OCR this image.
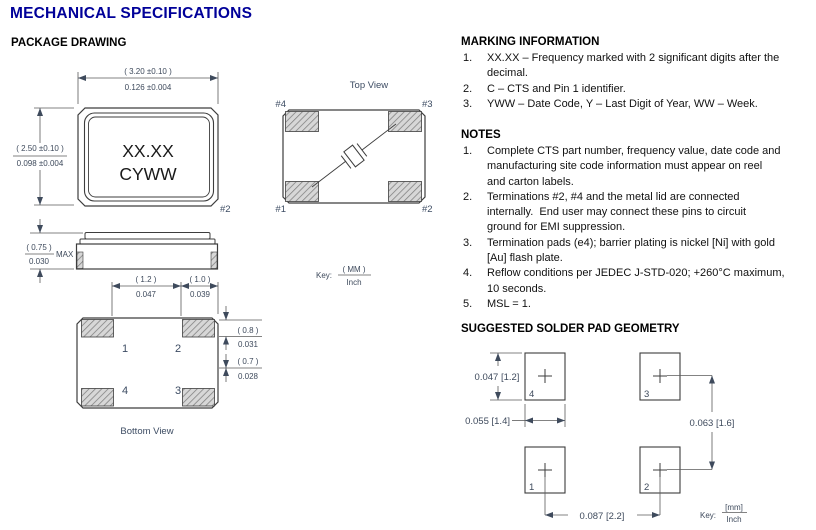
MECHANICAL SPECIFICATIONS
PACKAGE DRAWING
XX.XX
CYWW
#2
( 3.20 ±0.10 )
0.126 ±0.004
( 2.50 ±0.10 )
0.098 ±0.004
( 0.75 )
0.030
MAX
Top View
#4	#3
#1	#2
Key:
( MM )
Inch
1	2
4	3
Bottom View
( 1.2 )
0.047
( 1.0 )
0.039
( 0.8 )
0.031
( 0.7 )
0.028
MARKING INFORMATION
1. XX.XX – Frequency marked with 2 significant digits after the
decimal.
2. C – CTS and Pin 1 identifier.
3. YWW – Date Code, Y – Last Digit of Year, WW – Week.
NOTES
1. Complete CTS part number, frequency value, date code and
manufacturing site code information must appear on reel
and carton labels.
2. Terminations #2, #4 and the metal lid are connected
internally.  End user may connect these pins to circuit
ground for EMI suppression.
3. Termination pads (e4); barrier plating is nickel [Ni] with gold
[Au] flash plate.
4. Reflow conditions per JEDEC J-STD-020; +260°C maximum,
10 seconds.
5. MSL = 1.
SUGGESTED SOLDER PAD GEOMETRY
4	3
1	2
0.047 [1.2]
0.055 [1.4]	0.063 [1.6]
0.087 [2.2]	Key:
[mm]
Inch
